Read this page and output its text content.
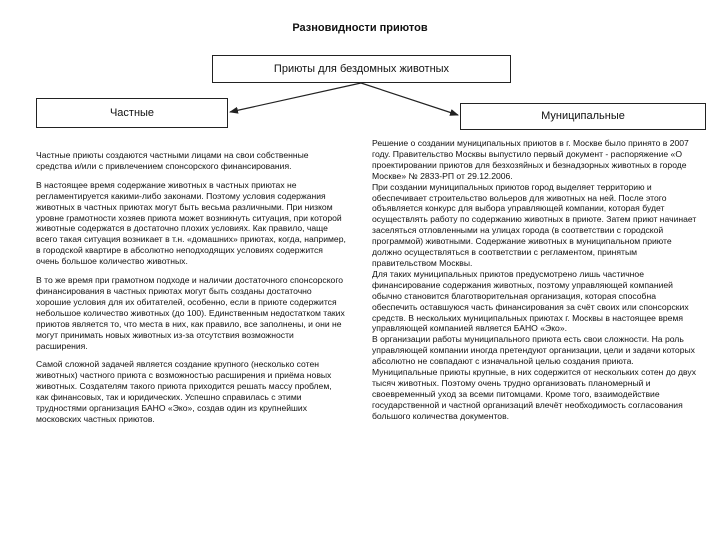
Разновидности приютов
Приюты для бездомных животных
Частные	Муниципальные

Частные приюты создаются частными лицами на свои собственные средства и/или с привлечением спонсорского финансирования.

В настоящее время содержание животных в частных приютах не регламентируется какими-либо законами. Поэтому условия содержания животных в частных приютах могут быть весьма различными. При низком уровне грамотности хозяев приюта может возникнуть ситуация, при которой животные содержатся в достаточно плохих условиях. Как правило, чаще всего такая ситуация возникает в т.н. «домашних» приютах, когда, например, в городской квартире в абсолютно неподходящих условиях содержится очень большое количество животных.

В то же время при грамотном подходе и наличии достаточного спонсорского финансирования в частных приютах могут быть созданы достаточно хорошие условия для их обитателей, особенно, если в приюте содержится небольшое количество животных (до 100). Единственным недостатком таких приютов является то, что места в них, как правило, все заполнены, и они не могут принимать новых животных из-за отсутствия возможности расширения.

Самой сложной задачей является создание крупного (несколько сотен животных) частного приюта с возможностью расширения и приёма новых животных. Создателям такого приюта приходится решать массу проблем, как финансовых, так и юридических. Успешно справилась с этими трудностями организация БАНО «Эко», создав один из крупнейших московских частных приютов.

Решение о создании муниципальных приютов в г. Москве было принято в 2007 году. Правительство Москвы выпустило первый документ - распоряжение «О проектировании приютов для безхозяйных и безнадзорных животных в городе Москве» № 2833-РП от 29.12.2006.

При создании муниципальных приютов город выделяет территорию и обеспечивает строительство вольеров для животных на ней. После этого объявляется конкурс для выбора управляющей компании, которая будет осуществлять работу по содержанию животных в приюте. Затем приют начинает заселяться отловленными на улицах города (в соответствии с городской программой) животными. Содержание животных в муниципальном приюте должно осуществляться в соответствии с регламентом, принятым правительством Москвы.

Для таких муниципальных приютов предусмотрено лишь частичное финансирование содержания животных, поэтому управляющей компанией обычно становится благотворительная организация, которая способна обеспечить оставшуюся часть финансирования за счёт своих или спонсорских средств. В нескольких муниципальных приютах г. Москвы в настоящее время управляющей компанией является БАНО «Эко».

В организации работы муниципального приюта есть свои сложности. На роль управляющей компании иногда претендуют организации, цели и задачи которых абсолютно не совпадают с изначальной целью создания приюта. Муниципальные приюты крупные, в них содержится от нескольких сотен до двух тысяч животных. Поэтому очень трудно организовать планомерный и своевременный уход за всеми питомцами. Кроме того, взаимодействие государственной и частной организаций влечёт необходимость согласования большого количества документов.
